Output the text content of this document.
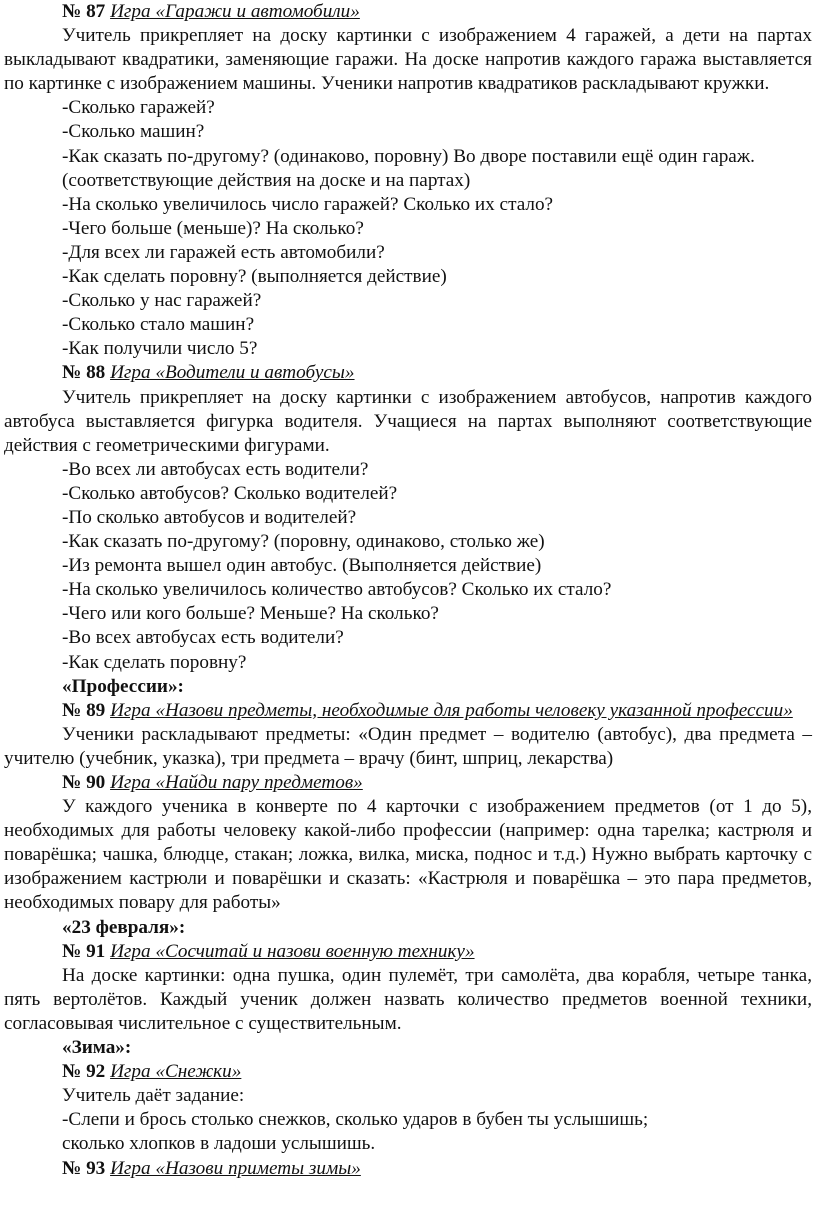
№ 87 Игра «Гаражи и автомобили»
Учитель прикрепляет на доску картинки с изображением 4 гаражей, а дети на партах выкладывают квадратики, заменяющие гаражи. На доске напротив каждого гаража выставляется по картинке с изображением машины. Ученики напротив квадратиков раскладывают кружки.
-Сколько гаражей?
-Сколько машин?
-Как сказать по-другому? (одинаково, поровну) Во дворе поставили ещё один гараж.
(соответствующие действия на доске и на партах)
-На сколько увеличилось число гаражей? Сколько их стало?
-Чего больше (меньше)? На сколько?
-Для всех ли гаражей есть автомобили?
-Как сделать поровну? (выполняется действие)
-Сколько у нас гаражей?
-Сколько стало машин?
-Как получили число 5?
№ 88 Игра «Водители и автобусы»
Учитель прикрепляет на доску картинки с изображением автобусов, напротив каждого автобуса выставляется фигурка водителя. Учащиеся на партах выполняют соответствующие действия с геометрическими фигурами.
-Во всех ли автобусах есть водители?
-Сколько автобусов? Сколько водителей?
-По сколько автобусов и водителей?
-Как сказать по-другому? (поровну, одинаково, столько же)
-Из ремонта вышел один автобус. (Выполняется действие)
-На сколько увеличилось количество автобусов? Сколько их стало?
-Чего или кого больше? Меньше? На сколько?
-Во всех автобусах есть водители?
-Как сделать поровну?
«Профессии»:
№ 89 Игра «Назови предметы, необходимые для работы человеку указанной профессии»
Ученики раскладывают предметы: «Один предмет – водителю (автобус), два предмета – учителю (учебник, указка), три предмета – врачу (бинт, шприц, лекарства)
№ 90 Игра «Найди пару предметов»
У каждого ученика в конверте по 4 карточки с изображением предметов (от 1 до 5), необходимых для работы человеку какой-либо профессии (например: одна тарелка; кастрюля и поварёшка; чашка, блюдце, стакан; ложка, вилка, миска, поднос и т.д.) Нужно выбрать карточку с изображением кастрюли и поварёшки и сказать: «Кастрюля и поварёшка – это пара предметов, необходимых повару для работы»
«23 февраля»:
№ 91 Игра «Сосчитай и назови военную технику»
На доске картинки: одна пушка, один пулемёт, три самолёта, два корабля, четыре танка, пять вертолётов. Каждый ученик должен назвать количество предметов военной техники, согласовывая числительное с существительным.
«Зима»:
№ 92 Игра «Снежки»
Учитель даёт задание:
-Слепи и брось столько снежков, сколько ударов в бубен ты услышишь;
сколько хлопков в ладоши услышишь.
№ 93 Игра «Назови приметы зимы»
